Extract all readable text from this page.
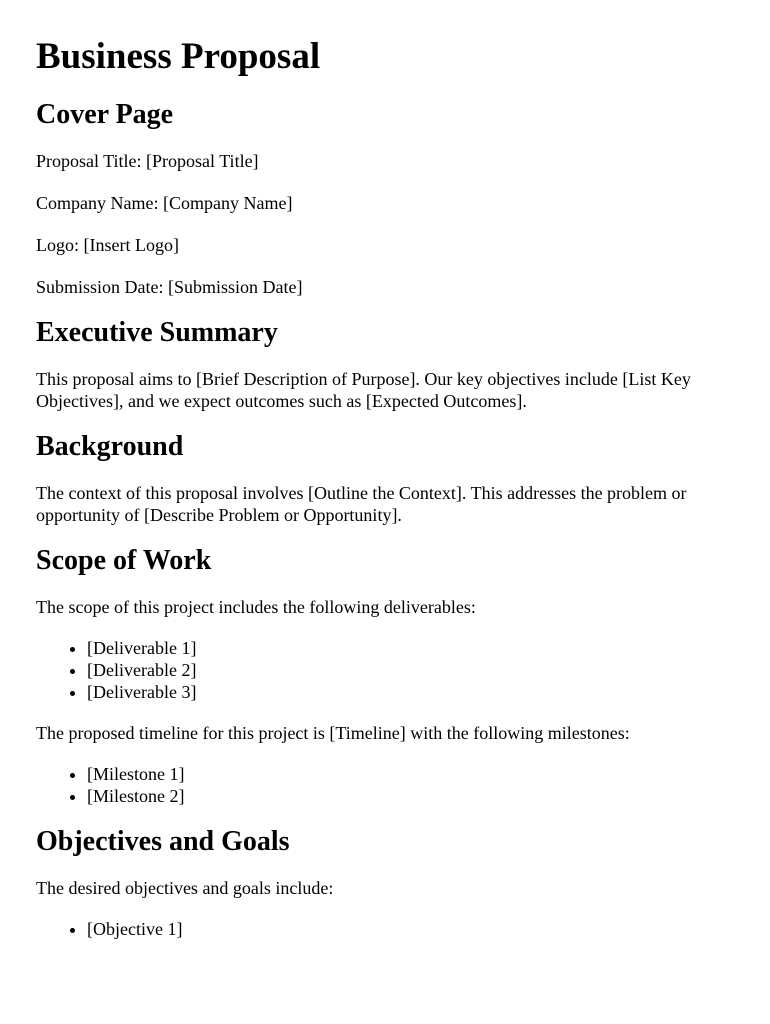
Business Proposal
Cover Page

Proposal Title: [Proposal Title]

Company Name: [Company Name]

Logo: [Insert Logo]

Submission Date: [Submission Date]

Executive Summary

This proposal aims to [Brief Description of Purpose]. Our key objectives include [List Key Objectives], and we expect outcomes such as [Expected Outcomes].

Background

The context of this proposal involves [Outline the Context]. This addresses the problem or opportunity of [Describe Problem or Opportunity].

Scope of Work

The scope of this project includes the following deliverables:

• [Deliverable 1]
• [Deliverable 2]
• [Deliverable 3]

The proposed timeline for this project is [Timeline] with the following milestones:

• [Milestone 1]
• [Milestone 2]
Objectives and Goals

The desired objectives and goals include:

• [Objective 1]
